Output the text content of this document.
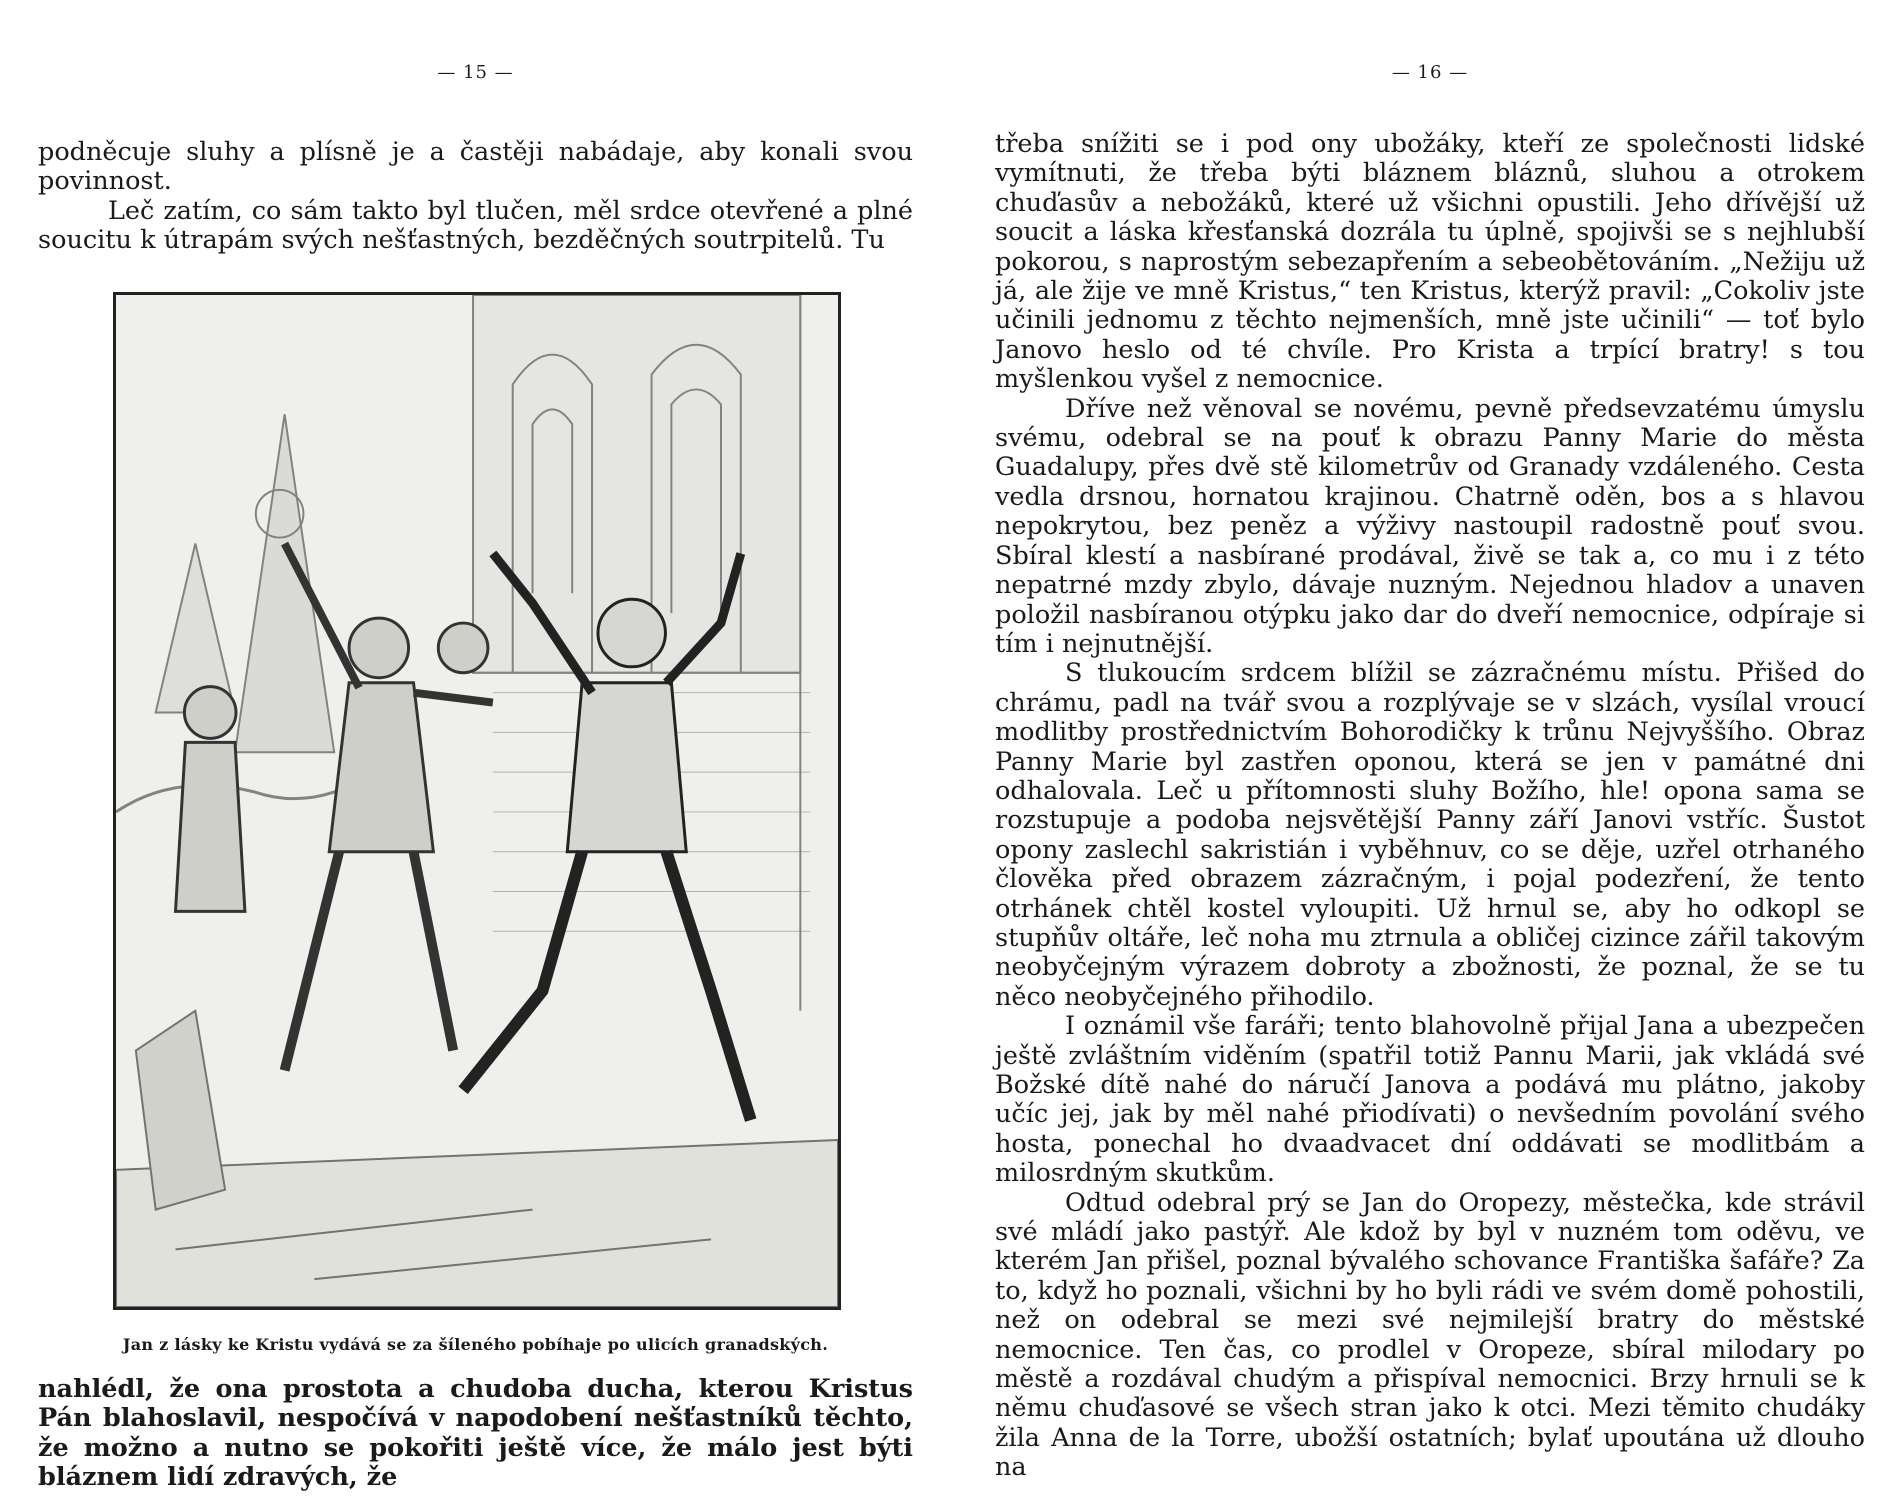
— 15 —

podněcuje sluhy a plísně je a častěji nabádaje, aby konali svou povinnost.

Leč zatím, co sám takto byl tlučen, měl srdce otevřené a plné soucitu k útrapám svých nešťastných, bezděčných soutrpitelů. Tu

Jan z lásky ke Kristu vydává se za šíleného pobíhaje po ulicích granadských.

nahlédl, že ona prostota a chudoba ducha, kterou Kristus Pán blahoslavil, nespočívá v napodobení nešťastníků těchto, že možno a nutno se pokořiti ještě více, že málo jest býti bláznem lidí zdravých, že

— 16 —

třeba snížiti se i pod ony ubožáky, kteří ze společnosti lidské vymítnuti, že třeba býti bláznem bláznů, sluhou a otrokem chuďasův a nebožáků, které už všichni opustili. Jeho dřívější už soucit a láska křesťanská dozrála tu úplně, spojivši se s nejhlubší pokorou, s naprostým sebezapřením a sebeobětováním. „Nežiju už já, ale žije ve mně Kristus,“ ten Kristus, kterýž pravil: „Cokoliv jste učinili jednomu z těchto nejmenších, mně jste učinili“ — toť bylo Janovo heslo od té chvíle. Pro Krista a trpící bratry! s tou myšlenkou vyšel z nemocnice.

Dříve než věnoval se novému, pevně předsevzatému úmyslu svému, odebral se na pouť k obrazu Panny Marie do města Guadalupy, přes dvě stě kilometrův od Granady vzdáleného. Cesta vedla drsnou, hornatou krajinou. Chatrně oděn, bos a s hlavou nepokrytou, bez peněz a výživy nastoupil radostně pouť svou. Sbíral klestí a nasbírané prodával, živě se tak a, co mu i z této nepatrné mzdy zbylo, dávaje nuzným. Nejednou hladov a unaven položil nasbíranou otýpku jako dar do dveří nemocnice, odpíraje si tím i nejnutnější.

S tlukoucím srdcem blížil se zázračnému místu. Přišed do chrámu, padl na tvář svou a rozplývaje se v slzách, vysílal vroucí modlitby prostřednictvím Bohorodičky k trůnu Nejvyššího. Obraz Panny Marie byl zastřen oponou, která se jen v památné dni odhalovala. Leč u přítomnosti sluhy Božího, hle! opona sama se rozstupuje a podoba nejsvětější Panny září Janovi vstříc. Šustot opony zaslechl sakristián i vyběhnuv, co se děje, uzřel otrhaného člověka před obrazem zázračným, i pojal podezření, že tento otrhánek chtěl kostel vyloupiti. Už hrnul se, aby ho odkopl se stupňův oltáře, leč noha mu ztrnula a obličej cizince zářil takovým neobyčejným výrazem dobroty a zbožnosti, že poznal, že se tu něco neobyčejného přihodilo.

I oznámil vše faráři; tento blahovolně přijal Jana a ubezpečen ještě zvláštním viděním (spatřil totiž Pannu Marii, jak vkládá své Božské dítě nahé do náručí Janova a podává mu plátno, jakoby učíc jej, jak by měl nahé přiodívati) o nevšedním povolání svého hosta, ponechal ho dvaadvacet dní oddávati se modlitbám a milosrdným skutkům.

Odtud odebral prý se Jan do Oropezy, městečka, kde strávil své mládí jako pastýř. Ale kdož by byl v nuzném tom oděvu, ve kterém Jan přišel, poznal bývalého schovance Františka šafáře? Za to, když ho poznali, všichni by ho byli rádi ve svém domě pohostili, než on odebral se mezi své nejmilejší bratry do městské nemocnice. Ten čas, co prodlel v Oropeze, sbíral milodary po městě a rozdával chudým a přispíval nemocnici. Brzy hrnuli se k němu chuďasové se všech stran jako k otci. Mezi těmito chudáky žila Anna de la Torre, ubožší ostatních; bylať upoutána už dlouho na
